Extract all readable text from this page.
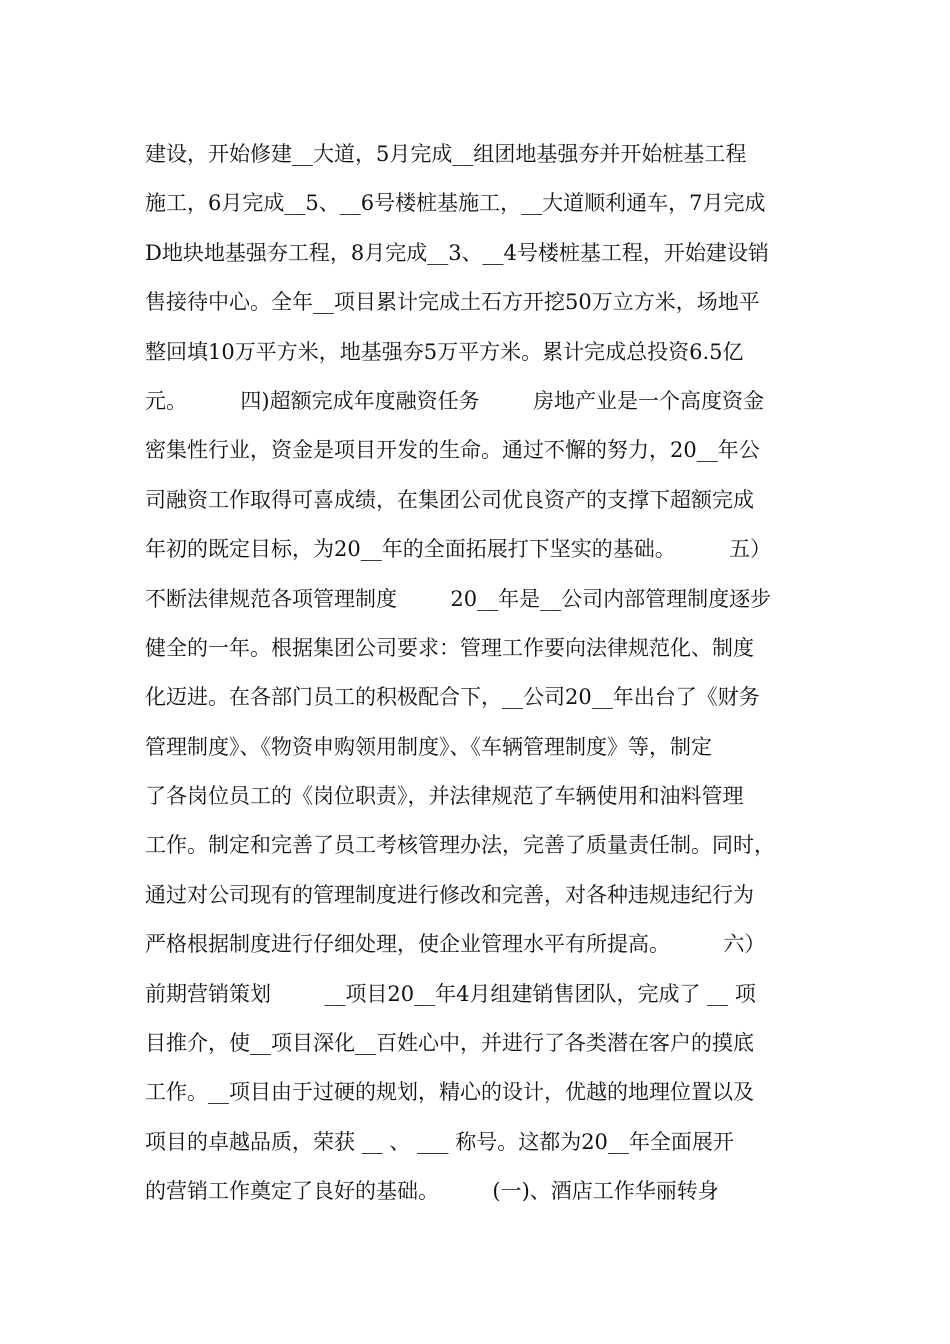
建设，开始修建__大道，5月完成__组团地基强夯并开始桩基工程
施工，6月完成__5、__6号楼桩基施工，__大道顺利通车，7月完成
D地块地基强夯工程，8月完成__3、__4号楼桩基工程，开始建设销
售接待中心。全年__项目累计完成土石方开挖50万立方米，场地平
整回填10万平方米，地基强夯5万平方米。累计完成总投资6.5亿
元。        四)超额完成年度融资任务        房地产业是一个高度资金
密集性行业，资金是项目开发的生命。通过不懈的努力，20__年公
司融资工作取得可喜成绩，在集团公司优良资产的支撑下超额完成
年初的既定目标，为20__年的全面拓展打下坚实的基础。        五）
不断法律规范各项管理制度        20__年是__公司内部管理制度逐步
健全的一年。根据集团公司要求：管理工作要向法律规范化、制度
化迈进。在各部门员工的积极配合下，__公司20__年出台了《财务
管理制度》、《物资申购领用制度》、《车辆管理制度》等，制定
了各岗位员工的《岗位职责》，并法律规范了车辆使用和油料管理
工作。制定和完善了员工考核管理办法，完善了质量责任制。同时，
通过对公司现有的管理制度进行修改和完善，对各种违规违纪行为
严格根据制度进行仔细处理，使企业管理水平有所提高。        六）
前期营销策划        __项目20__年4月组建销售团队，完成了 __ 项
目推介，使__项目深化__百姓心中，并进行了各类潜在客户的摸底
工作。__项目由于过硬的规划，精心的设计，优越的地理位置以及
项目的卓越品质，荣获 __ 、 ___ 称号。这都为20__年全面展开
的营销工作奠定了良好的基础。        (一)、酒店工作华丽转身
